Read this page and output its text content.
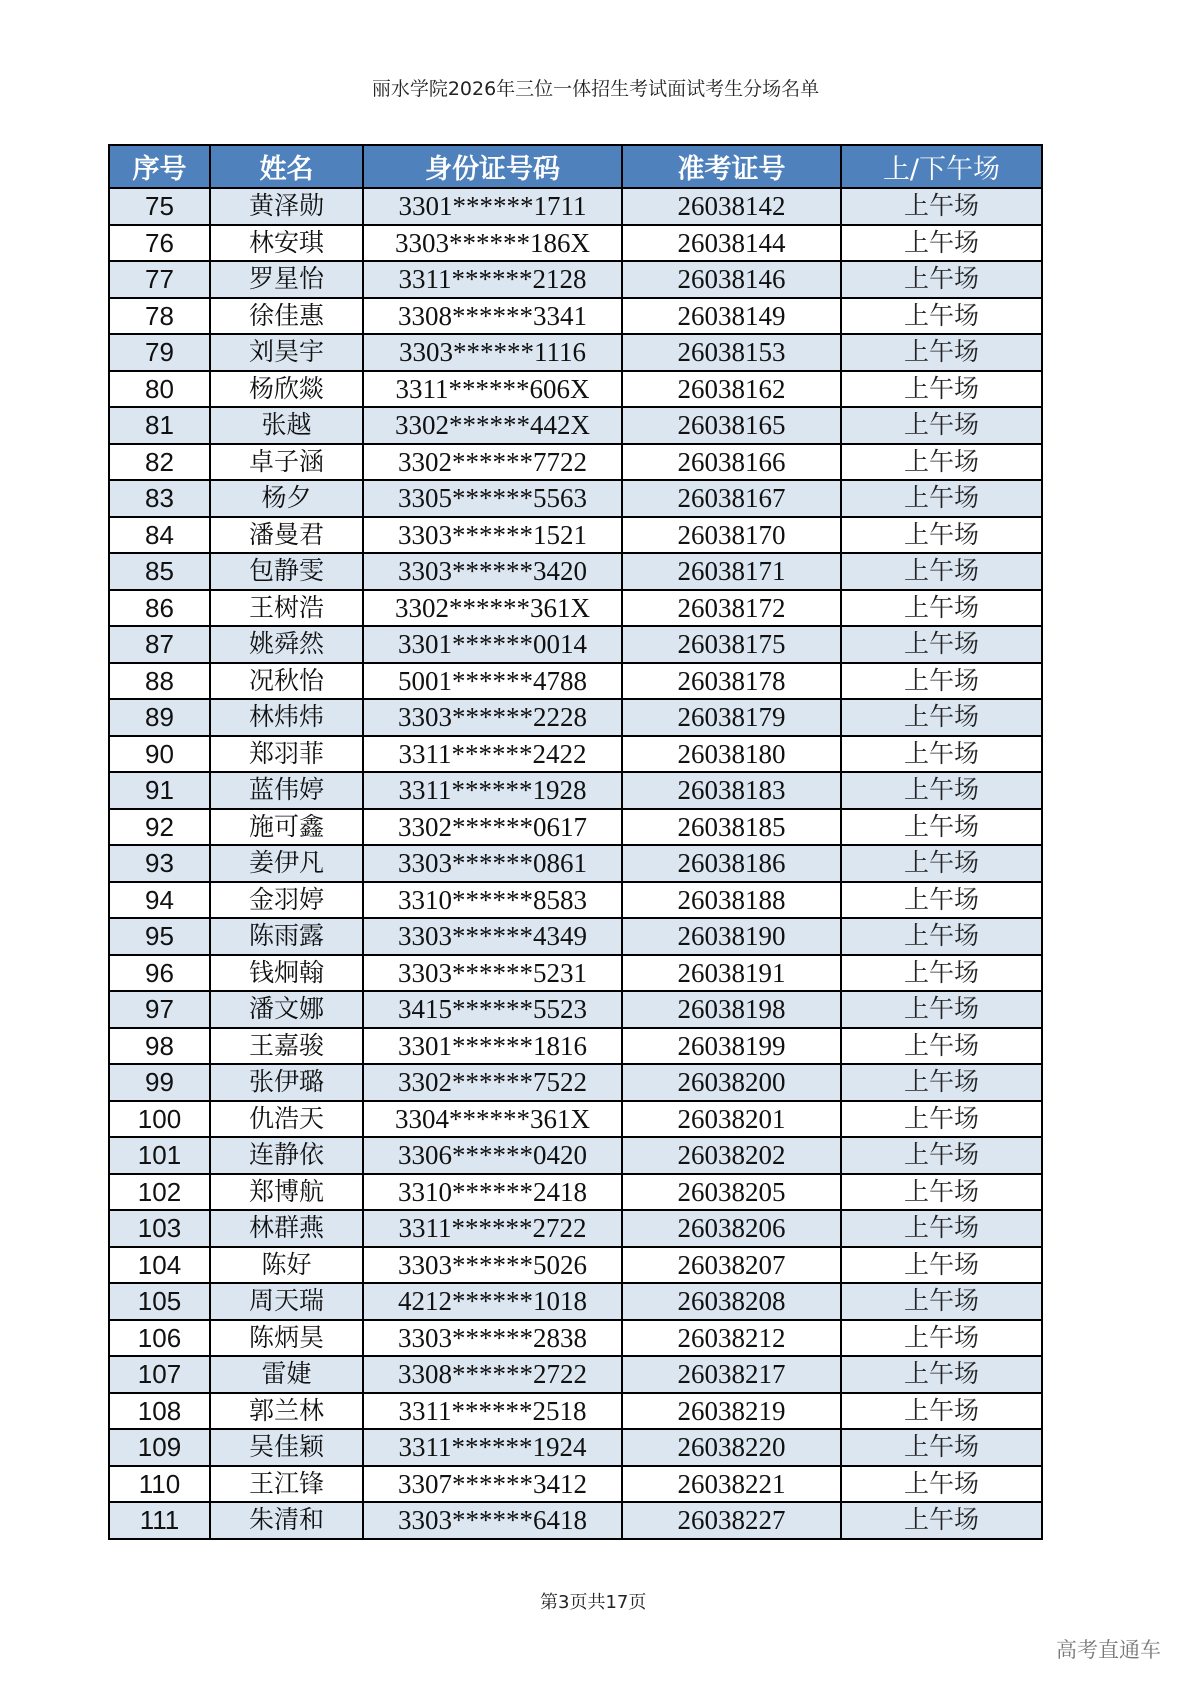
丽水学院2026年三位一体招生考试面试考生分场名单
序号	姓名	身份证号码	准考证号	上/下午场
75	黄泽勋	3301******1711	26038142	上午场
76	林安琪	3303******186X	26038144	上午场
77	罗星怡	3311******2128	26038146	上午场
78	徐佳惠	3308******3341	26038149	上午场
79	刘昊宇	3303******1116	26038153	上午场
80	杨欣燚	3311******606X	26038162	上午场
81	张越	3302******442X	26038165	上午场
82	卓子涵	3302******7722	26038166	上午场
83	杨夕	3305******5563	26038167	上午场
84	潘曼君	3303******1521	26038170	上午场
85	包静雯	3303******3420	26038171	上午场
86	王树浩	3302******361X	26038172	上午场
87	姚舜然	3301******0014	26038175	上午场
88	况秋怡	5001******4788	26038178	上午场
89	林炜炜	3303******2228	26038179	上午场
90	郑羽菲	3311******2422	26038180	上午场
91	蓝伟婷	3311******1928	26038183	上午场
92	施可鑫	3302******0617	26038185	上午场
93	姜伊凡	3303******0861	26038186	上午场
94	金羽婷	3310******8583	26038188	上午场
95	陈雨露	3303******4349	26038190	上午场
96	钱炯翰	3303******5231	26038191	上午场
97	潘文娜	3415******5523	26038198	上午场
98	王嘉骏	3301******1816	26038199	上午场
99	张伊璐	3302******7522	26038200	上午场
100	仇浩天	3304******361X	26038201	上午场
101	连静依	3306******0420	26038202	上午场
102	郑博航	3310******2418	26038205	上午场
103	林群燕	3311******2722	26038206	上午场
104	陈好	3303******5026	26038207	上午场
105	周天瑞	4212******1018	26038208	上午场
106	陈炳昊	3303******2838	26038212	上午场
107	雷婕	3308******2722	26038217	上午场
108	郭兰林	3311******2518	26038219	上午场
109	吴佳颖	3311******1924	26038220	上午场
110	王江锋	3307******3412	26038221	上午场
111	朱清和	3303******6418	26038227	上午场
第3页共17页
高考直通车
